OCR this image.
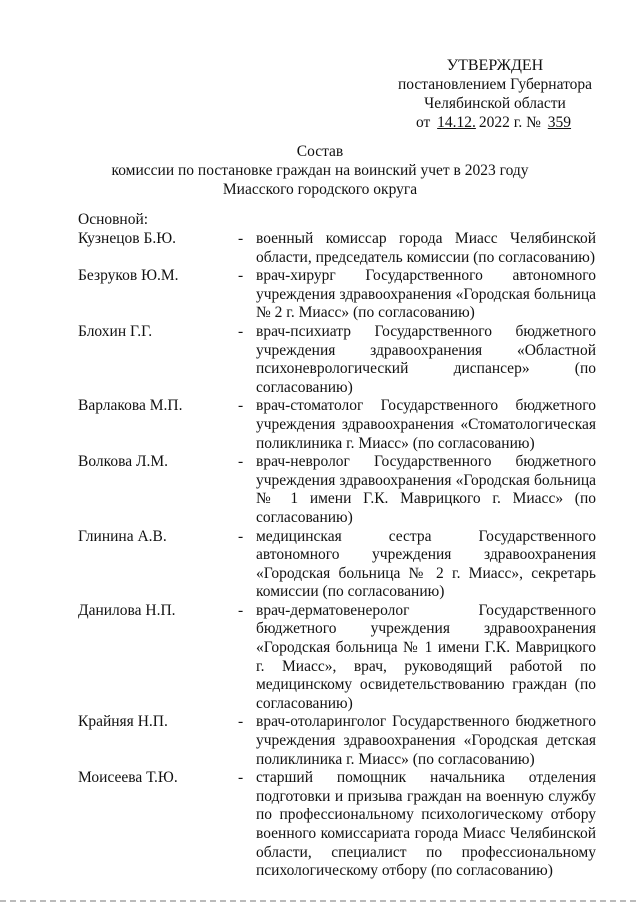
УТВЕРЖДЕН
постановлением Губернатора
Челябинской области
от 14.12. 2022 г. № 359
Состав
комиссии по постановке граждан на воинский учет в 2023 году
Миасского городского округа
Основной:
Кузнецов Б.Ю.	- военный комиссар города Миасс Челябинской области, председатель комиссии (по согласованию)
Безруков Ю.М.	- врач-хирург Государственного автономного учреждения здравоохранения «Городская больница № 2 г. Миасс» (по согласованию)
Блохин Г.Г.	- врач-психиатр Государственного бюджетного учреждения здравоохранения «Областной психоневрологический диспансер» (по согласованию)
Варлакова М.П.	- врач-стоматолог Государственного бюджетного учреждения здравоохранения «Стоматологическая поликлиника г. Миасс» (по согласованию)
Волкова Л.М.	- врач-невролог Государственного бюджетного учреждения здравоохранения «Городская больница № 1 имени Г.К. Маврицкого г. Миасс» (по согласованию)
Глинина А.В.	- медицинская сестра Государственного автономного учреждения здравоохранения «Городская больница № 2 г. Миасс», секретарь комиссии (по согласованию)
Данилова Н.П.	- врач-дерматовенеролог Государственного бюджетного учреждения здравоохранения «Городская больница № 1 имени Г.К. Маврицкого г. Миасс», врач, руководящий работой по медицинскому освидетельствованию граждан (по согласованию)
Крайняя Н.П.	- врач-отоларинголог Государственного бюджетного учреждения здравоохранения «Городская детская поликлиника г. Миасс» (по согласованию)
Моисеева Т.Ю.	- старший помощник начальника отделения подготовки и призыва граждан на военную службу по профессиональному психологическому отбору военного комиссариата города Миасс Челябинской области, специалист по профессиональному психологическому отбору (по согласованию)
